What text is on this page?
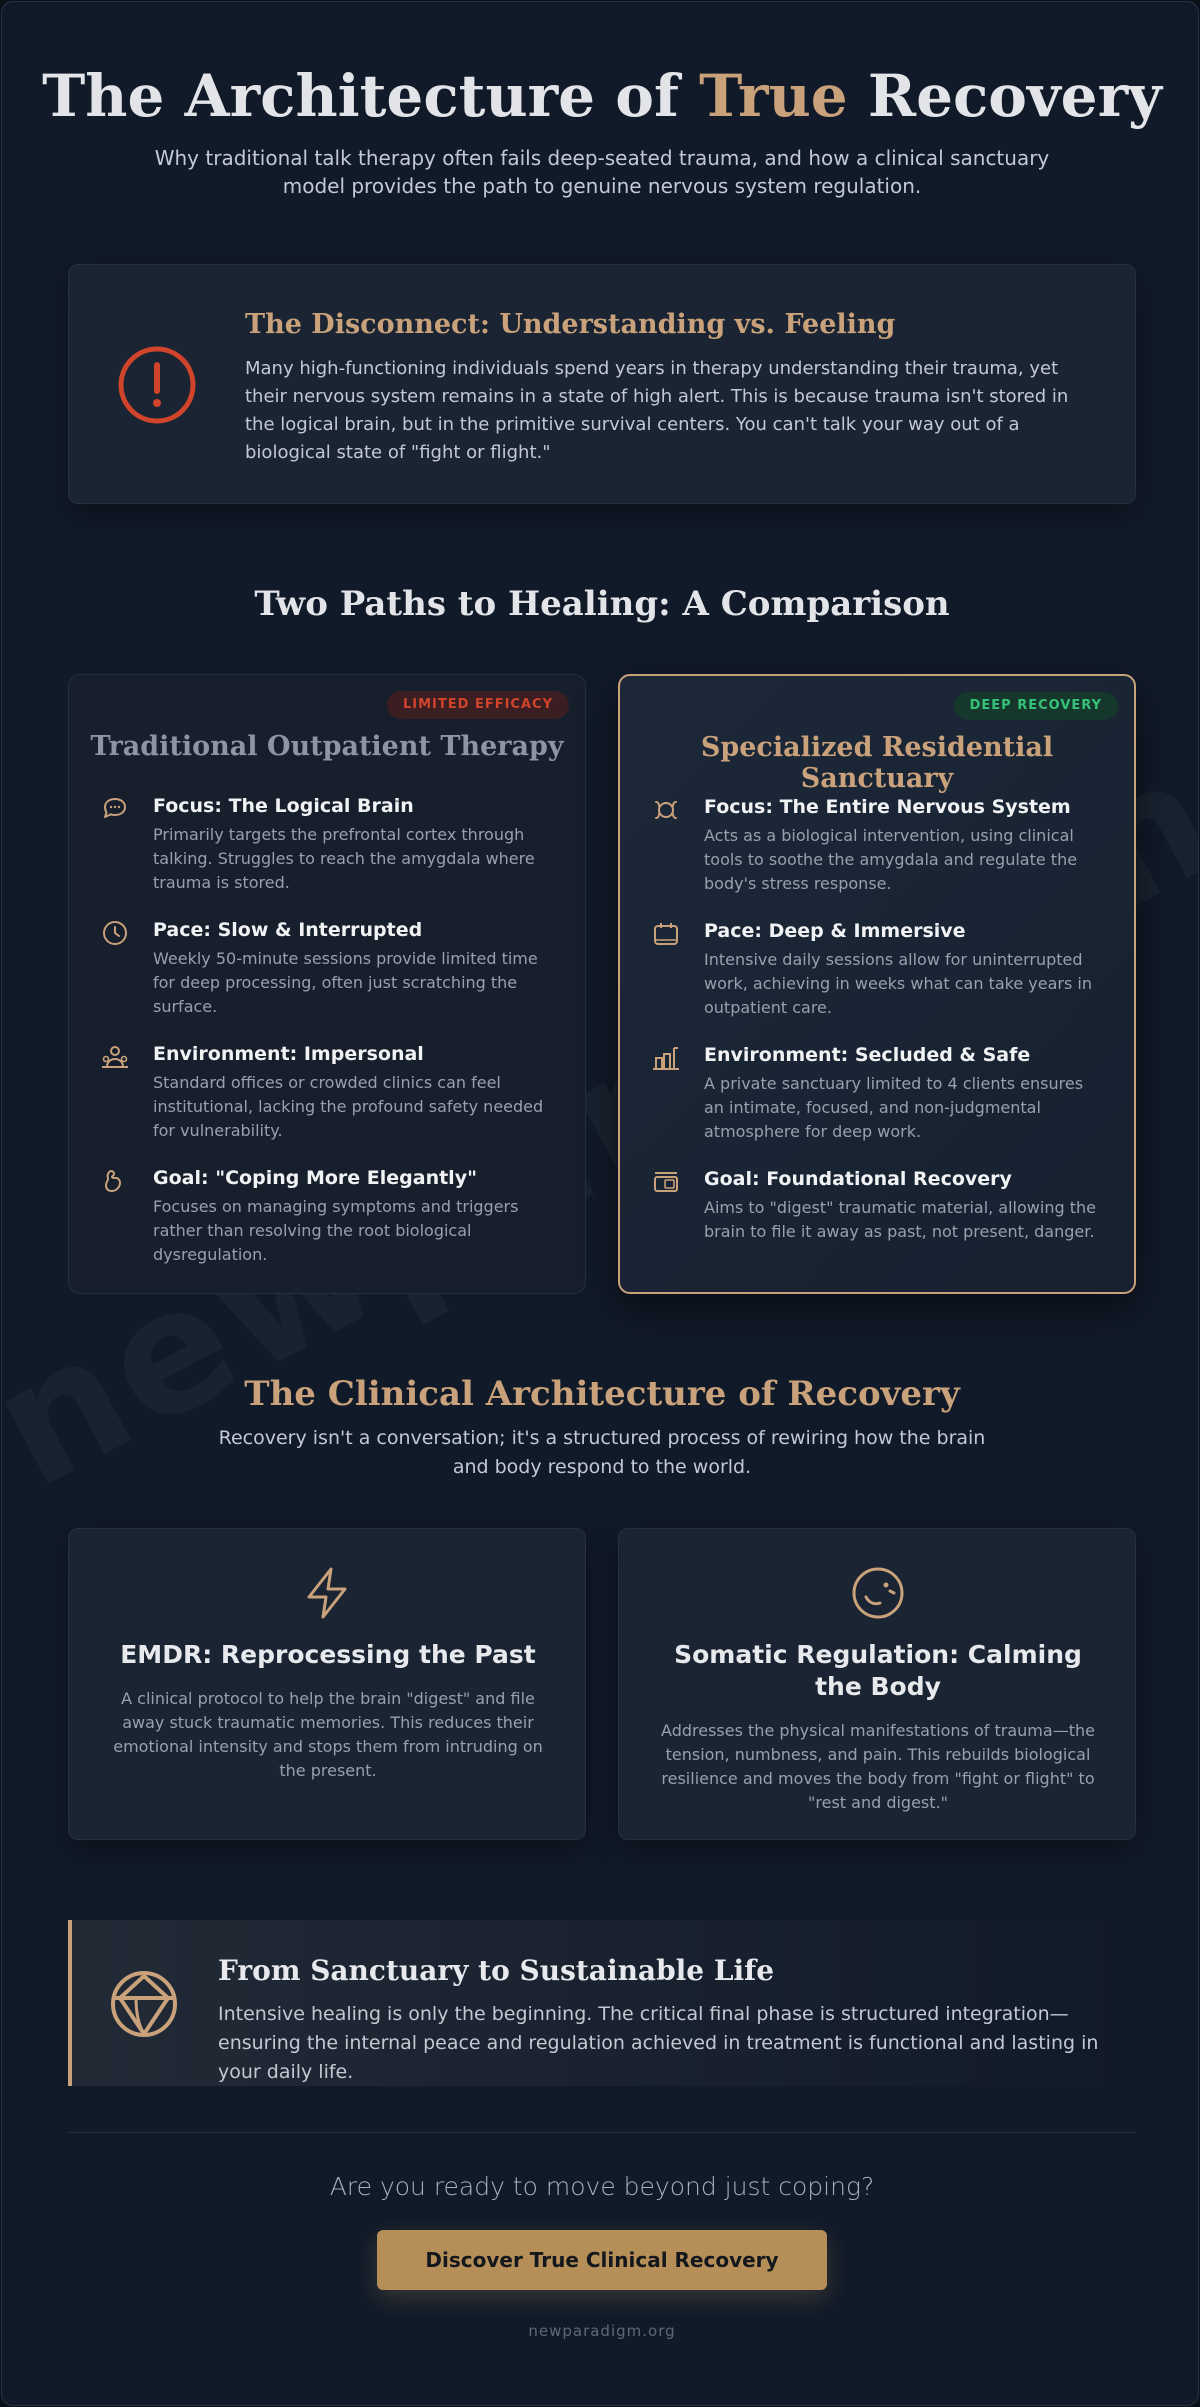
The Architecture of True Recovery

Why traditional talk therapy often fails deep-seated trauma, and how a clinical sanctuary model provides the path to genuine nervous system regulation.

The Disconnect: Understanding vs. Feeling

Many high-functioning individuals spend years in therapy understanding their trauma, yet their nervous system remains in a state of high alert. This is because trauma isn't stored in the logical brain, but in the primitive survival centers. You can't talk your way out of a biological state of "fight or flight."

Two Paths to Healing: A Comparison
LIMITED EFFICACY
Traditional Outpatient Therapy
Focus: The Logical Brain
Primarily targets the prefrontal cortex through talking. Struggles to reach the amygdala where trauma is stored.
Pace: Slow & Interrupted
Weekly 50-minute sessions provide limited time for deep processing, often just scratching the surface.
Environment: Impersonal
Standard offices or crowded clinics can feel institutional, lacking the profound safety needed for vulnerability.
Goal: "Coping More Elegantly"
Focuses on managing symptoms and triggers rather than resolving the root biological dysregulation.
DEEP RECOVERY
Specialized Residential Sanctuary
Focus: The Entire Nervous System
Acts as a biological intervention, using clinical tools to soothe the amygdala and regulate the body's stress response.
Pace: Deep & Immersive
Intensive daily sessions allow for uninterrupted work, achieving in weeks what can take years in outpatient care.
Environment: Secluded & Safe
A private sanctuary limited to 4 clients ensures an intimate, focused, and non-judgmental atmosphere for deep work.
Goal: Foundational Recovery
Aims to "digest" traumatic material, allowing the brain to file it away as past, not present, danger.
The Clinical Architecture of Recovery

Recovery isn't a conversation; it's a structured process of rewiring how the brain and body respond to the world.

EMDR: Reprocessing the Past

A clinical protocol to help the brain "digest" and file away stuck traumatic memories. This reduces their emotional intensity and stops them from intruding on the present.

Somatic Regulation: Calming the Body

Addresses the physical manifestations of trauma—the tension, numbness, and pain. This rebuilds biological resilience and moves the body from "fight or flight" to "rest and digest."

From Sanctuary to Sustainable Life

Intensive healing is only the beginning. The critical final phase is structured integration—ensuring the internal peace and regulation achieved in treatment is functional and lasting in your daily life.

Are you ready to move beyond just coping?

Discover True Clinical Recovery

newparadigm.org
